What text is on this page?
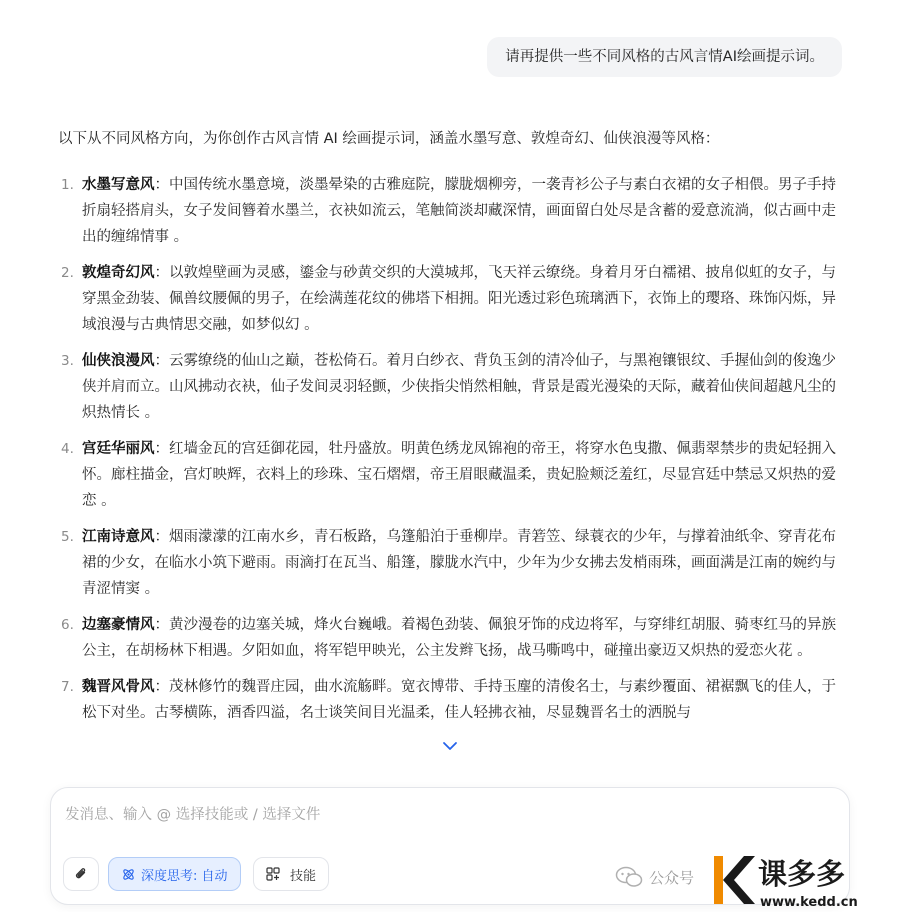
请再提供一些不同风格的古风言情AI绘画提示词。

以下从不同风格方向，为你创作古风言情 AI 绘画提示词，涵盖水墨写意、敦煌奇幻、仙侠浪漫等风格：

1. 水墨写意风：中国传统水墨意境，淡墨晕染的古雅庭院，朦胧烟柳旁，一袭青衫公子与素白衣裙的女子相偎。男子手持折扇轻搭肩头，女子发间簪着水墨兰，衣袂如流云，笔触简淡却藏深情，画面留白处尽是含蓄的爱意流淌，似古画中走出的缠绵情事 。
2. 敦煌奇幻风：以敦煌壁画为灵感，鎏金与砂黄交织的大漠城邦，飞天祥云缭绕。身着月牙白襦裙、披帛似虹的女子，与穿黑金劲装、佩兽纹腰佩的男子，在绘满莲花纹的佛塔下相拥。阳光透过彩色琉璃洒下，衣饰上的璎珞、珠饰闪烁，异域浪漫与古典情思交融，如梦似幻 。
3. 仙侠浪漫风：云雾缭绕的仙山之巅，苍松倚石。着月白纱衣、背负玉剑的清冷仙子，与黑袍镶银纹、手握仙剑的俊逸少侠并肩而立。山风拂动衣袂，仙子发间灵羽轻颤，少侠指尖悄然相触，背景是霞光漫染的天际，藏着仙侠间超越凡尘的炽热情长 。
4. 宫廷华丽风：红墙金瓦的宫廷御花园，牡丹盛放。明黄色绣龙凤锦袍的帝王，将穿水色曳撒、佩翡翠禁步的贵妃轻拥入怀。廊柱描金，宫灯映辉，衣料上的珍珠、宝石熠熠，帝王眉眼藏温柔，贵妃脸颊泛羞红，尽显宫廷中禁忌又炽热的爱恋 。
5. 江南诗意风：烟雨濛濛的江南水乡，青石板路，乌篷船泊于垂柳岸。青箬笠、绿蓑衣的少年，与撑着油纸伞、穿青花布裙的少女，在临水小筑下避雨。雨滴打在瓦当、船篷，朦胧水汽中，少年为少女拂去发梢雨珠，画面满是江南的婉约与青涩情窦 。
6. 边塞豪情风：黄沙漫卷的边塞关城，烽火台巍峨。着褐色劲装、佩狼牙饰的戍边将军，与穿绯红胡服、骑枣红马的异族公主，在胡杨林下相遇。夕阳如血，将军铠甲映光，公主发辫飞扬，战马嘶鸣中，碰撞出豪迈又炽热的爱恋火花 。
7. 魏晋风骨风：茂林修竹的魏晋庄园，曲水流觞畔。宽衣博带、手持玉麈的清俊名士，与素纱覆面、裙裾飘飞的佳人，于松下对坐。古琴横陈，酒香四溢，名士谈笑间目光温柔，佳人轻拂衣袖，尽显魏晋名士的洒脱与
发消息、输入 @ 选择技能或 / 选择文件
深度思考: 自动	技能	公众号 课多多
www.kedd.cn
